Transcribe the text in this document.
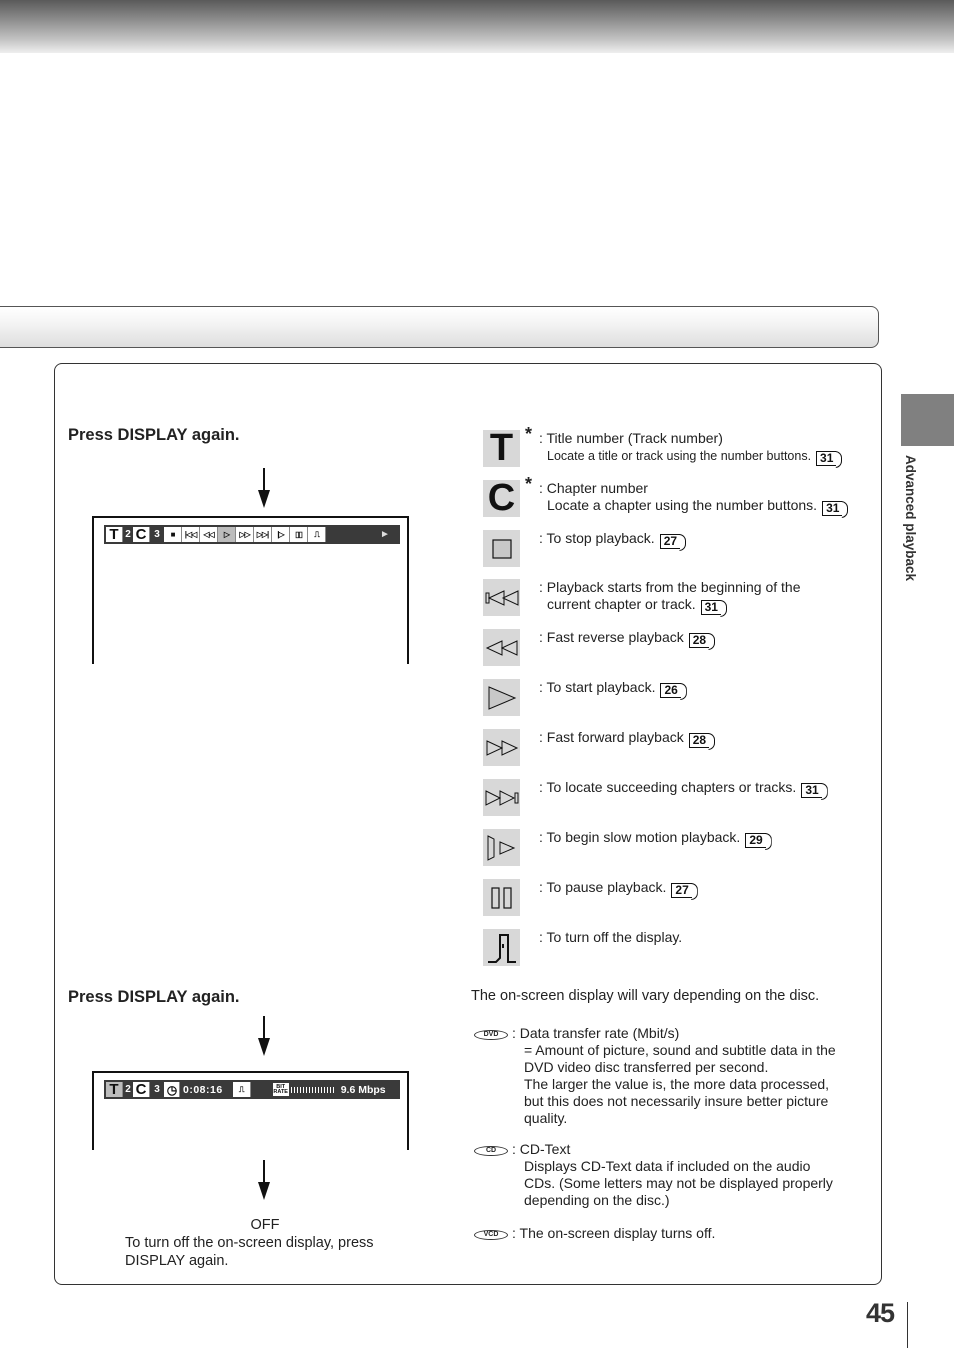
Advanced playback
Press DISPLAY again.
T 2 C 3	■	|◁◁ ◁◁	▷	▷▷ ▷▷|	|▷	▯▯	⎍	►
Press DISPLAY again.
T 2 C 3 ◷ 0:08:16	⎍	BIT
RATE	9.6 Mbps
OFF
To turn off the on-screen display, press DISPLAY again.
T * : Title number (Track number)
Locate a title or track using the number buttons. 31
C * : Chapter number
Locate a chapter using the number buttons. 31
: To stop playback. 27
: Playback starts from the beginning of the
current chapter or track. 31
: Fast reverse playback 28
: To start playback. 26
: Fast forward playback 28
: To locate succeeding chapters or tracks. 31
: To begin slow motion playback. 29
: To pause playback. 27
: To turn off the display.
The on-screen display will vary depending on the disc.
DVD : Data transfer rate (Mbit/s)
= Amount of picture, sound and subtitle data in the
DVD video disc transferred per second.
The larger the value is, the more data processed,
but this does not necessarily insure better picture
quality.
CD : CD-Text
Displays CD-Text data if included on the audio
CDs. (Some letters may not be displayed properly
depending on the disc.)
VCD : The on-screen display turns off.
45
